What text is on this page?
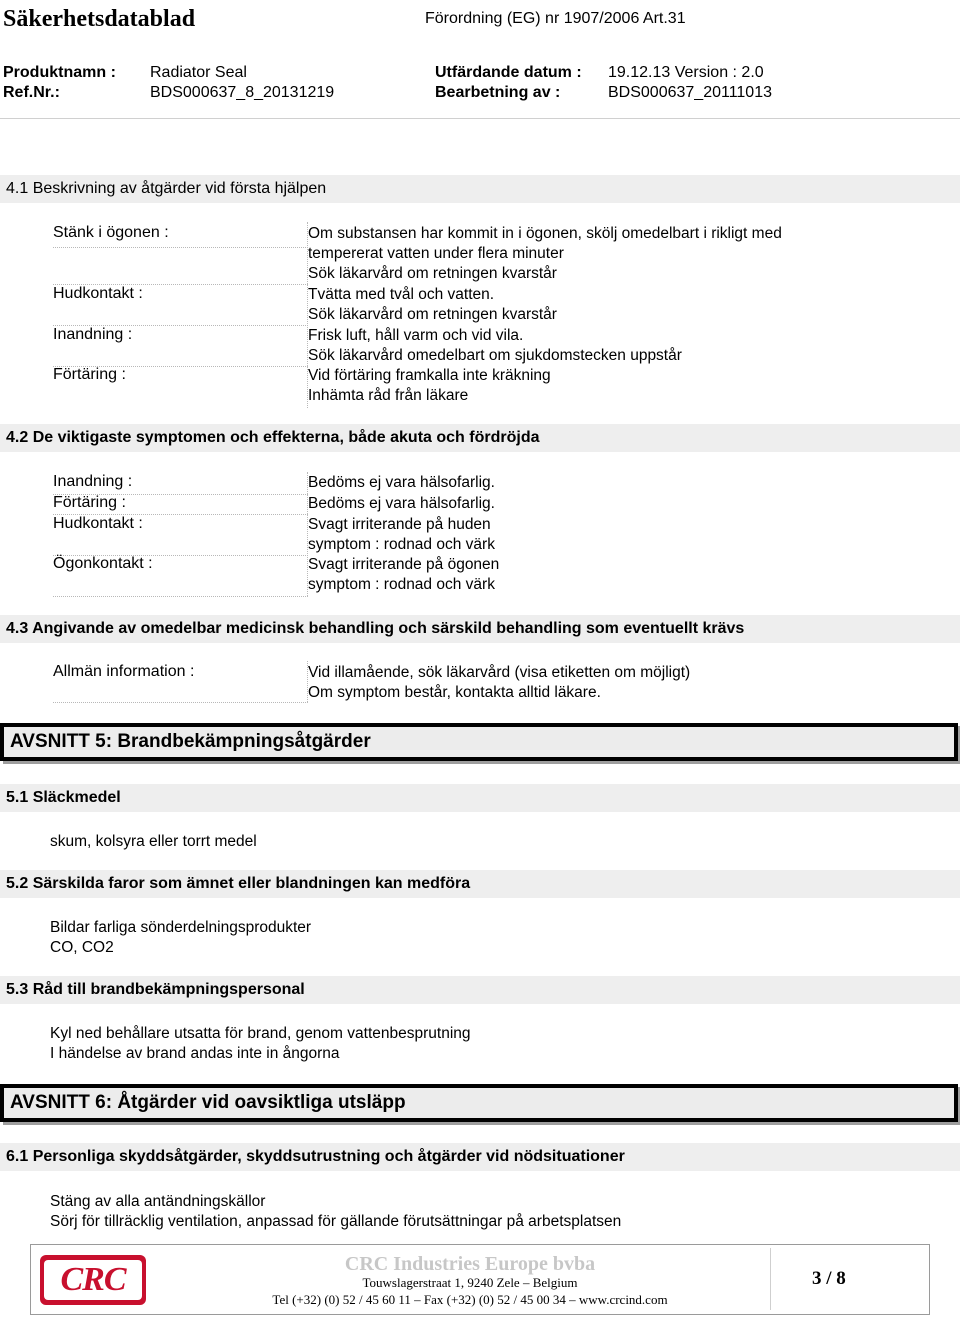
Säkerhetsdatablad	Förordning (EG) nr 1907/2006 Art.31
Produktnamn : Radiator Seal	Utfärdande datum : 19.12.13 Version : 2.0
Ref.Nr.:	BDS000637_8_20131219	Bearbetning av :	BDS000637_20111013
4.1 Beskrivning av åtgärder vid första hjälpen
Stänk i ögonen :	Om substansen har kommit in i ögonen, skölj omedelbart i rikligt med
tempererat vatten under flera minuter
Sök läkarvård om retningen kvarstår
Hudkontakt :	Tvätta med tvål och vatten.
Sök läkarvård om retningen kvarstår
Inandning :	Frisk luft, håll varm och vid vila.
Sök läkarvård omedelbart om sjukdomstecken uppstår
Förtäring :	Vid förtäring framkalla inte kräkning
Inhämta råd från läkare
4.2 De viktigaste symptomen och effekterna, både akuta och fördröjda
Inandning :	Bedöms ej vara hälsofarlig.
Förtäring :	Bedöms ej vara hälsofarlig.
Hudkontakt :	Svagt irriterande på huden
symptom : rodnad och värk
Ögonkontakt :	Svagt irriterande på ögonen
symptom : rodnad och värk
4.3 Angivande av omedelbar medicinsk behandling och särskild behandling som eventuellt krävs
Allmän information :	Vid illamående, sök läkarvård (visa etiketten om möjligt)
Om symptom består, kontakta alltid läkare.
AVSNITT 5: Brandbekämpningsåtgärder
5.1 Släckmedel
skum, kolsyra eller torrt medel
5.2 Särskilda faror som ämnet eller blandningen kan medföra
Bildar farliga sönderdelningsprodukter
CO, CO2
5.3 Råd till brandbekämpningspersonal
Kyl ned behållare utsatta för brand, genom vattenbesprutning
I händelse av brand andas inte in ångorna
AVSNITT 6: Åtgärder vid oavsiktliga utsläpp
6.1 Personliga skyddsåtgärder, skyddsutrustning och åtgärder vid nödsituationer
Stäng av alla antändningskällor
Sörj för tillräcklig ventilation, anpassad för gällande förutsättningar på arbetsplatsen
CRC	CRC Industries Europe bvba
Touwslagerstraat 1, 9240 Zele – Belgium
Tel (+32) (0) 52 / 45 60 11 – Fax (+32) (0) 52 / 45 00 34 – www.crcind.com
3 / 8
